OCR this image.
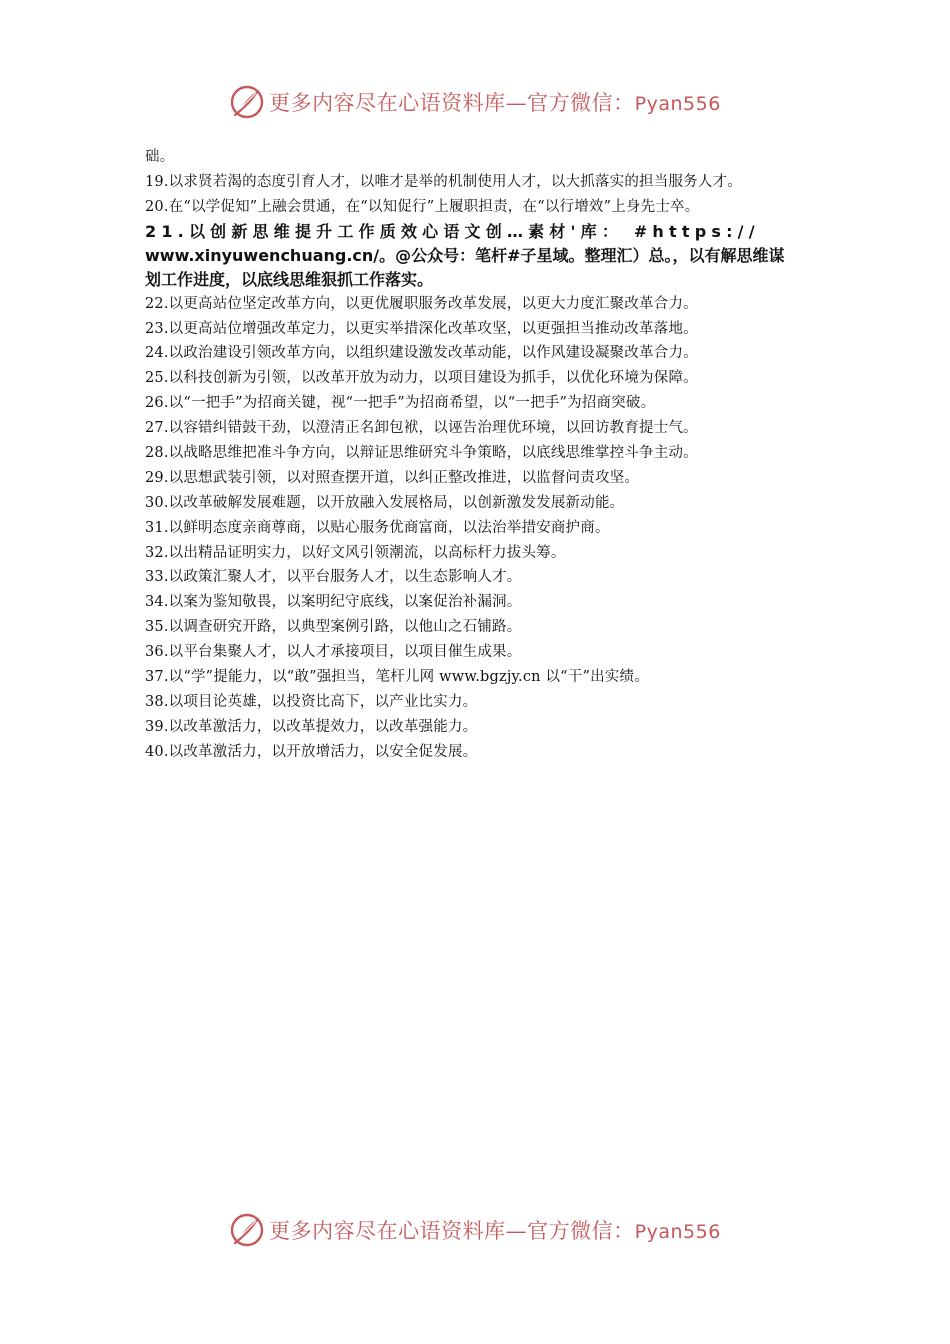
更多内容尽在心语资料库—官方微信：Pyan556
础。
19.以求贤若渴的态度引育人才，以唯才是举的机制使用人才，以大抓落实的担当服务人才。
20.在“以学促知”上融会贯通，在“以知促行”上履职担责，在“以行增效”上身先士卒。
21.以创新思维提升工作质效心语文创…素材'库： #https://
www.xinyuwenchuang.cn/。@公众号：笔杆#子星域。整理汇）总。，以有解思维谋
划工作进度，以底线思维狠抓工作落实。
22.以更高站位坚定改革方向，以更优履职服务改革发展，以更大力度汇聚改革合力。
23.以更高站位增强改革定力，以更实举措深化改革攻坚，以更强担当推动改革落地。
24.以政治建设引领改革方向，以组织建设激发改革动能，以作风建设凝聚改革合力。
25.以科技创新为引领，以改革开放为动力，以项目建设为抓手，以优化环境为保障。
26.以“一把手”为招商关键，视“一把手”为招商希望，以“一把手”为招商突破。
27.以容错纠错鼓干劲，以澄清正名卸包袱，以诬告治理优环境，以回访教育提士气。
28.以战略思维把准斗争方向，以辩证思维研究斗争策略，以底线思维掌控斗争主动。
29.以思想武装引领，以对照查摆开道，以纠正整改推进，以监督问责攻坚。
30.以改革破解发展难题，以开放融入发展格局，以创新激发发展新动能。
31.以鲜明态度亲商尊商，以贴心服务优商富商，以法治举措安商护商。
32.以出精品证明实力，以好文风引领潮流，以高标杆力拔头筹。
33.以政策汇聚人才，以平台服务人才，以生态影响人才。
34.以案为鉴知敬畏，以案明纪守底线，以案促治补漏洞。
35.以调查研究开路，以典型案例引路，以他山之石铺路。
36.以平台集聚人才，以人才承接项目，以项目催生成果。
37.以“学”提能力，以“敢”强担当，笔杆儿网 www.bgzjy.cn 以“干”出实绩。
38.以项目论英雄，以投资比高下，以产业比实力。
39.以改革激活力，以改革提效力，以改革强能力。
40.以改革激活力，以开放增活力，以安全促发展。
更多内容尽在心语资料库—官方微信：Pyan556
